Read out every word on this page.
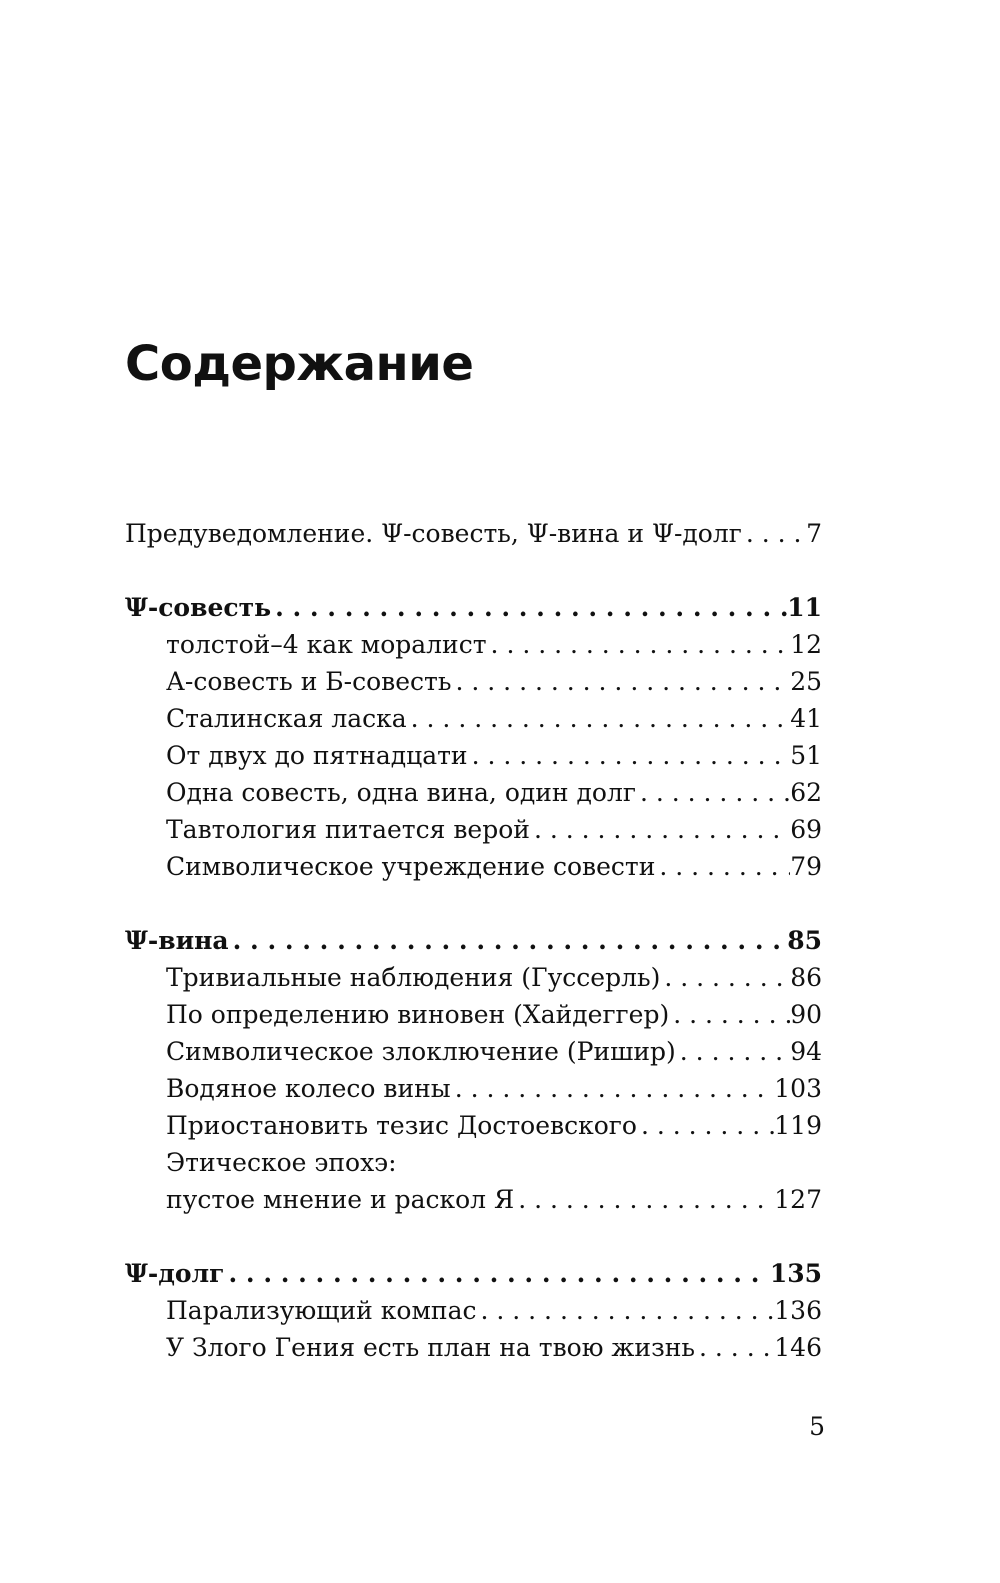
Содержание
Предуведомление. Ψ-совесть, Ψ-вина и Ψ-долг . . .	7
Ψ-совесть . . .	11
толстой–4 как моралист . . .	12
А-совесть и Б-совесть . . .	25
Сталинская ласка . . .	41
От двух до пятнадцати . . .	51
Одна совесть, одна вина, один долг . . .	62
Тавтология питается верой . . .	69
Символическое учреждение совести . . .	79
Ψ-вина . . .	85
Тривиальные наблюдения (Гуссерль) . . .	86
По определению виновен (Хайдеггер) . . .	90
Символическое злоключение (Ришир) . . .	94
Водяное колесо вины . . .	103
Приостановить тезис Достоевского . . .	119
Этическое эпохэ:
пустое мнение и раскол Я . . .	127
Ψ-долг . . .	135
Парализующий компас . . .	136
У Злого Гения есть план на твою жизнь . . .	146
5
